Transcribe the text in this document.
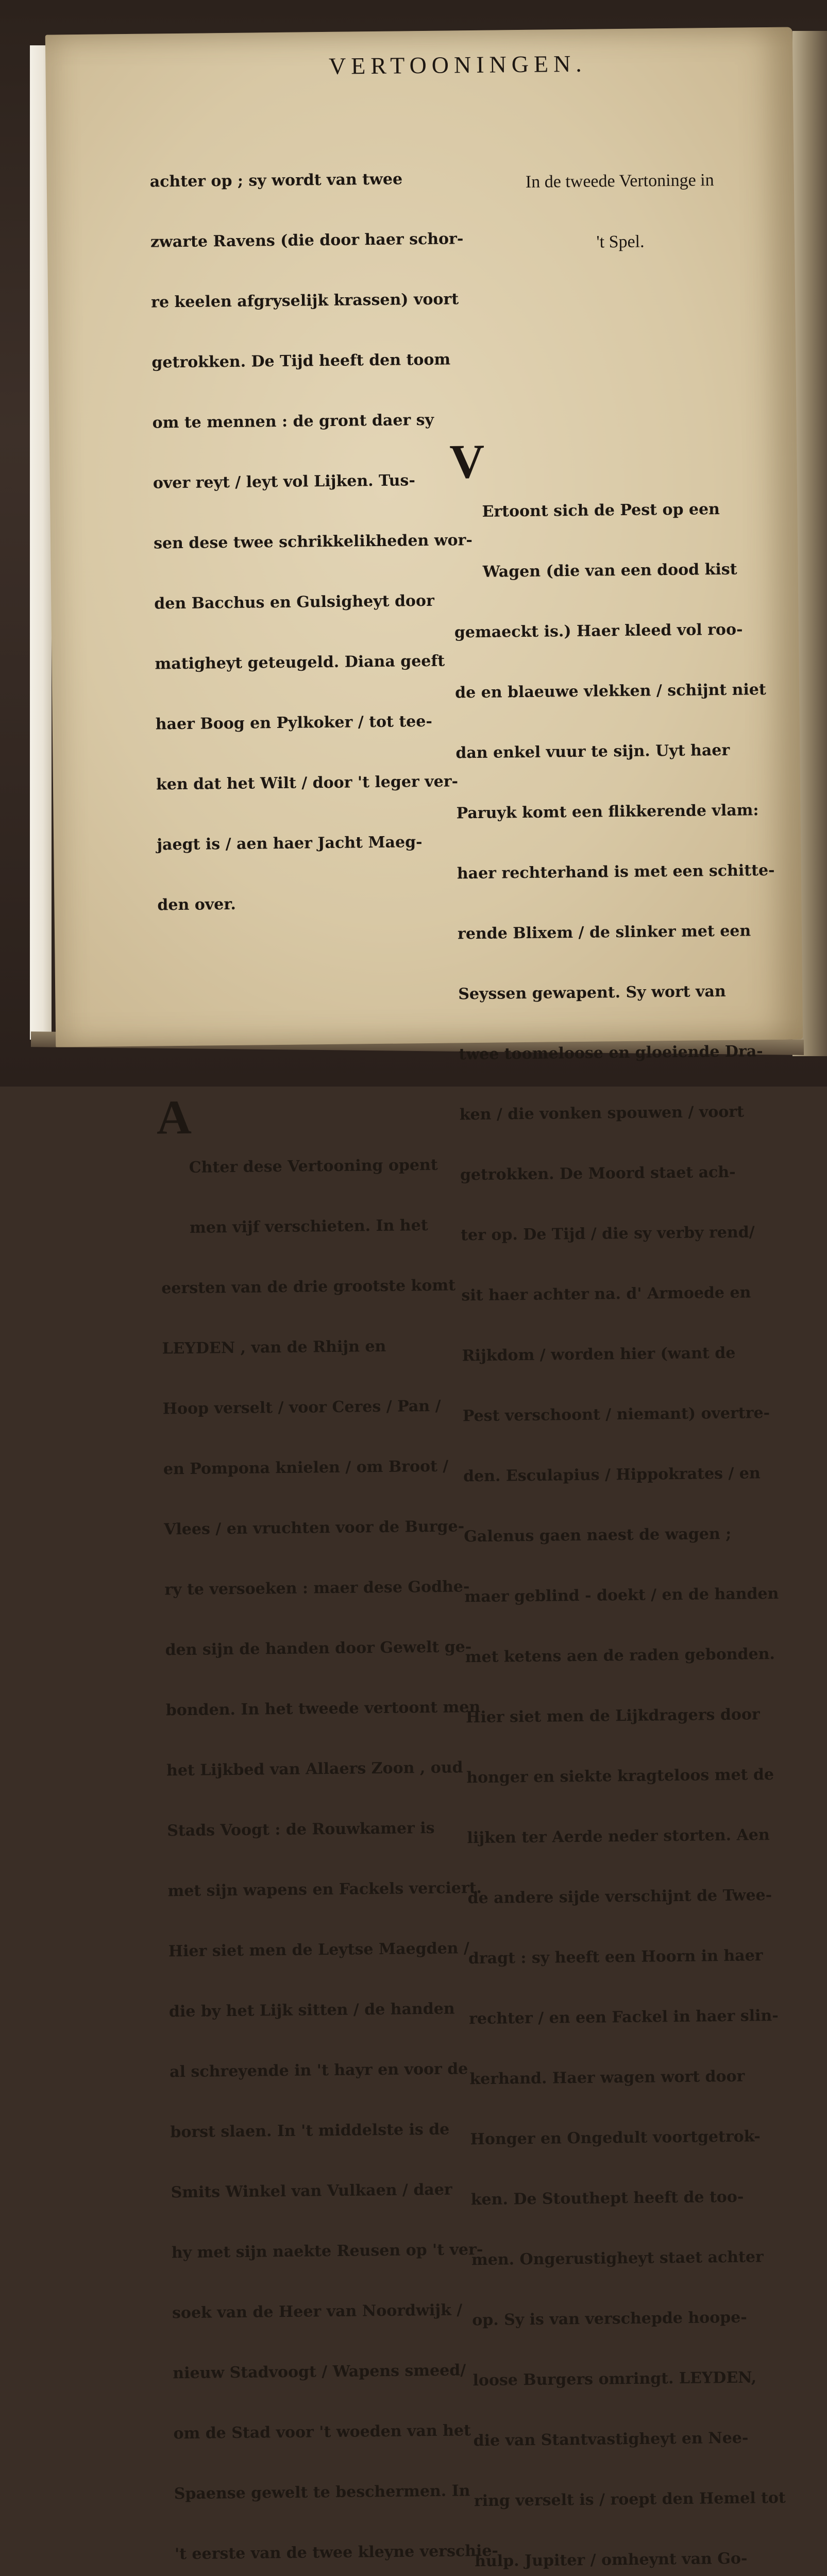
VERTOONINGEN.

achter op ; sy wordt van twee

zwarte Ravens (die door haer schor-

re keelen afgryselijk krassen) voort

getrokken. De Tijd heeft den toom

om te mennen : de gront daer sy

over reyt / leyt vol Lijken. Tus-

sen dese twee schrikkelikheden wor-

den Bacchus en Gulsigheyt door

matigheyt geteugeld. Diana geeft

haer Boog en Pylkoker / tot tee-

ken dat het Wilt / door 't leger ver-

jaegt is / aen haer Jacht Maeg-

den over.

A

Chter dese Vertooning opent

men vijf verschieten. In het

eersten van de drie grootste komt

LEYDEN , van de Rhijn en

Hoop verselt / voor Ceres / Pan /

en Pompona knielen / om Broot /

Vlees / en vruchten voor de Burge-

ry te versoeken : maer dese Godhe-

den sijn de handen door Gewelt ge-

bonden. In het tweede vertoont men

het Lijkbed van Allaers Zoon , oud

Stads Voogt : de Rouwkamer is

met sijn wapens en Fackels verciert.

Hier siet men de Leytse Maegden /

die by het Lijk sitten / de handen

al schreyende in 't hayr en voor de

borst slaen. In 't middelste is de

Smits Winkel van Vulkaen / daer

hy met sijn naekte Reusen op 't ver-

soek van de Heer van Noordwijk /

nieuw Stadvoogt / Wapens smeed/

om de Stad voor 't woeden van het

Spaense gewelt te beschermen. In

't eerste van de twee kleyne verschie-

In de tweede Vertoninge in

't Spel.

V

Ertoont sich de Pest op een

Wagen (die van een dood kist

gemaeckt is.) Haer kleed vol roo-

de en blaeuwe vlekken / schijnt niet

dan enkel vuur te sijn. Uyt haer

Paruyk komt een flikkerende vlam:

haer rechterhand is met een schitte-

rende Blixem / de slinker met een

Seyssen gewapent. Sy wort van

twee toomeloose en gloeiende Dra-

ken / die vonken spouwen / voort

getrokken. De Moord staet ach-

ter op. De Tijd / die sy verby rend/

sit haer achter na. d' Armoede en

Rijkdom / worden hier (want de

Pest verschoont / niemant) overtre-

den. Esculapius / Hippokrates / en

Galenus gaen naest de wagen ;

maer geblind - doekt / en de handen

met ketens aen de raden gebonden.

Hier siet men de Lijkdragers door

honger en siekte kragteloos met de

lijken ter Aerde neder storten. Aen

de andere sijde verschijnt de Twee-

dragt : sy heeft een Hoorn in haer

rechter / en een Fackel in haer slin-

kerhand. Haer wagen wort door

Honger en Ongedult voortgetrok-

ken. De Stouthept heeft de too-

men. Ongerustigheyt staet achter

op. Sy is van verschepde hoope-

loose Burgers omringt. LEYDEN,

die van Stantvastigheyt en Nee-

ring verselt is / roept den Hemel tot

hulp. Jupiter / omheynt van Go-
